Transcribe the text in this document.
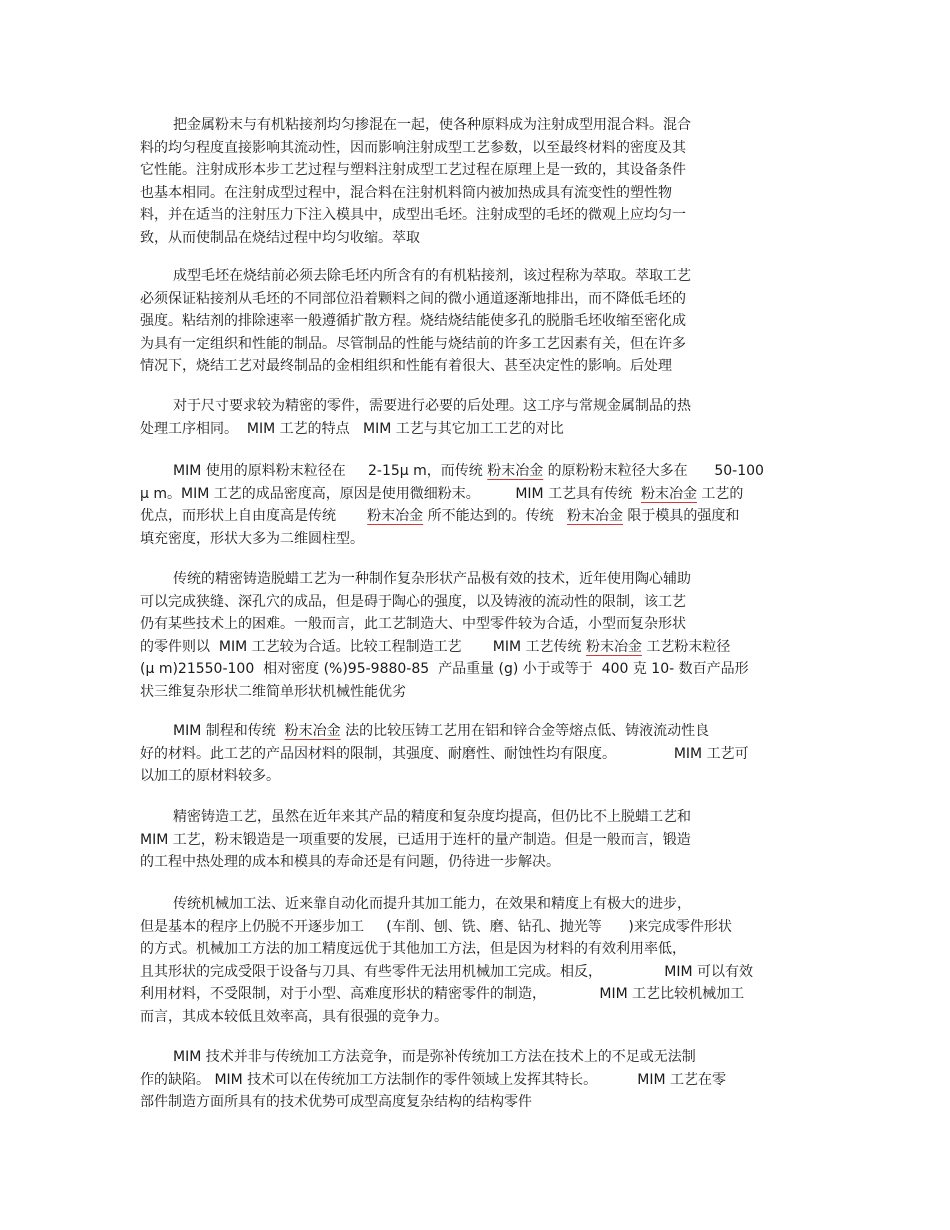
把金属粉末与有机粘接剂均匀掺混在一起，使各种原料成为注射成型用混合料。混合
料的均匀程度直接影响其流动性，因而影响注射成型工艺参数，以至最终材料的密度及其
它性能。注射成形本步工艺过程与塑料注射成型工艺过程在原理上是一致的，其设备条件
也基本相同。在注射成型过程中，混合料在注射机料筒内被加热成具有流变性的塑性物
料，并在适当的注射压力下注入模具中，成型出毛坯。注射成型的毛坯的微观上应均匀一
致，从而使制品在烧结过程中均匀收缩。萃取
成型毛坯在烧结前必须去除毛坯内所含有的有机粘接剂，该过程称为萃取。萃取工艺
必须保证粘接剂从毛坯的不同部位沿着颗料之间的微小通道逐渐地排出，而不降低毛坯的
强度。粘结剂的排除速率一般遵循扩散方程。烧结烧结能使多孔的脱脂毛坯收缩至密化成
为具有一定组织和性能的制品。尽管制品的性能与烧结前的许多工艺因素有关，但在许多
情况下，烧结工艺对最终制品的金相组织和性能有着很大、甚至决定性的影响。后处理
对于尺寸要求较为精密的零件，需要进行必要的后处理。这工序与常规金属制品的热
处理工序相同。  MIM 工艺的特点   MIM 工艺与其它加工工艺的对比
MIM 使用的原料粉末粒径在     2-15μ m，而传统 粉末冶金 的原粉粉末粒径大多在      50-100
μ m。MIM 工艺的成品密度高，原因是使用微细粉末。        MIM 工艺具有传统  粉末冶金 工艺的
优点，而形状上自由度高是传统       粉末冶金 所不能达到的。传统   粉末冶金 限于模具的强度和
填充密度，形状大多为二维圆柱型。
传统的精密铸造脱蜡工艺为一种制作复杂形状产品极有效的技术，近年使用陶心辅助
可以完成狭缝、深孔穴的成品，但是碍于陶心的强度，以及铸液的流动性的限制，该工艺
仍有某些技术上的困难。一般而言，此工艺制造大、中型零件较为合适，小型而复杂形状
的零件则以  MIM 工艺较为合适。比较工程制造工艺       MIM 工艺传统 粉末冶金 工艺粉末粒径
(μ m)21550-100  相对密度 (%)95-9880-85  产品重量 (g) 小于或等于  400 克 10- 数百产品形
状三维复杂形状二维简单形状机械性能优劣
MIM 制程和传统  粉末冶金 法的比较压铸工艺用在铝和锌合金等熔点低、铸液流动性良
好的材料。此工艺的产品因材料的限制，其强度、耐磨性、耐蚀性均有限度。             MIM 工艺可
以加工的原材料较多。
精密铸造工艺，虽然在近年来其产品的精度和复杂度均提高，但仍比不上脱蜡工艺和
MIM 工艺，粉末锻造是一项重要的发展，已适用于连杆的量产制造。但是一般而言，锻造
的工程中热处理的成本和模具的寿命还是有问题，仍待进一步解决。
传统机械加工法、近来靠自动化而提升其加工能力，在效果和精度上有极大的进步，
但是基本的程序上仍脱不开逐步加工     (车削、刨、铣、磨、钻孔、抛光等      )来完成零件形状
的方式。机械加工方法的加工精度远优于其他加工方法，但是因为材料的有效利用率低，
且其形状的完成受限于设备与刀具、有些零件无法用机械加工完成。相反，              MIM 可以有效
利用材料，不受限制，对于小型、高难度形状的精密零件的制造，            MIM 工艺比较机械加工
而言，其成本较低且效率高，具有很强的竞争力。
MIM 技术并非与传统加工方法竞争，而是弥补传统加工方法在技术上的不足或无法制
作的缺陷。 MIM 技术可以在传统加工方法制作的零件领域上发挥其特长。         MIM 工艺在零
部件制造方面所具有的技术优势可成型高度复杂结构的结构零件
